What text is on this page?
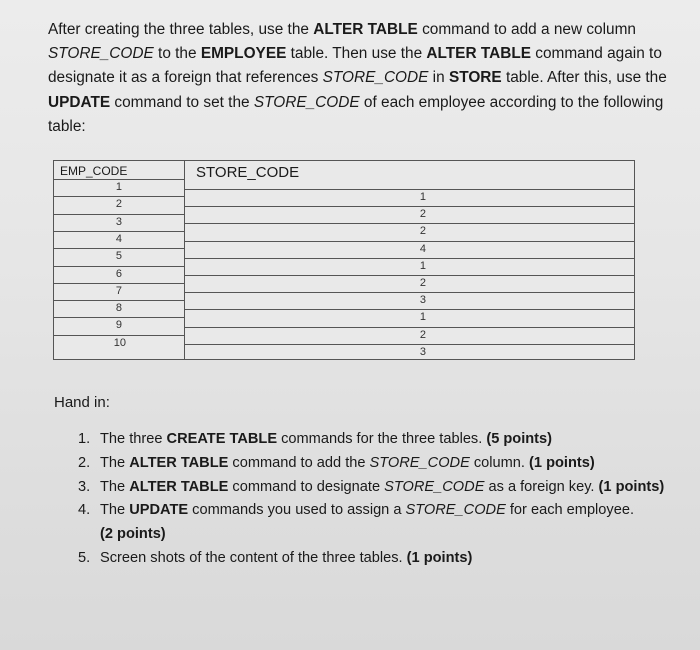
After creating the three tables, use the ALTER TABLE command to add a new column STORE_CODE to the EMPLOYEE table. Then use the ALTER TABLE command again to designate it as a foreign that references STORE_CODE in STORE table. After this, use the UPDATE command to set the STORE_CODE of each employee according to the following table:
EMP_CODE	STORE_CODE
1
2
3
4
5
6
7
8
9
10
1
2
2
4
1
2
3
1
2
3
Hand in:
1. The three CREATE TABLE commands for the three tables. (5 points)
2. The ALTER TABLE command to add the STORE_CODE column. (1 points)
3. The ALTER TABLE command to designate STORE_CODE as a foreign key. (1 points)
4. The UPDATE commands you used to assign a STORE_CODE for each employee.
(2 points)
5. Screen shots of the content of the three tables. (1 points)
